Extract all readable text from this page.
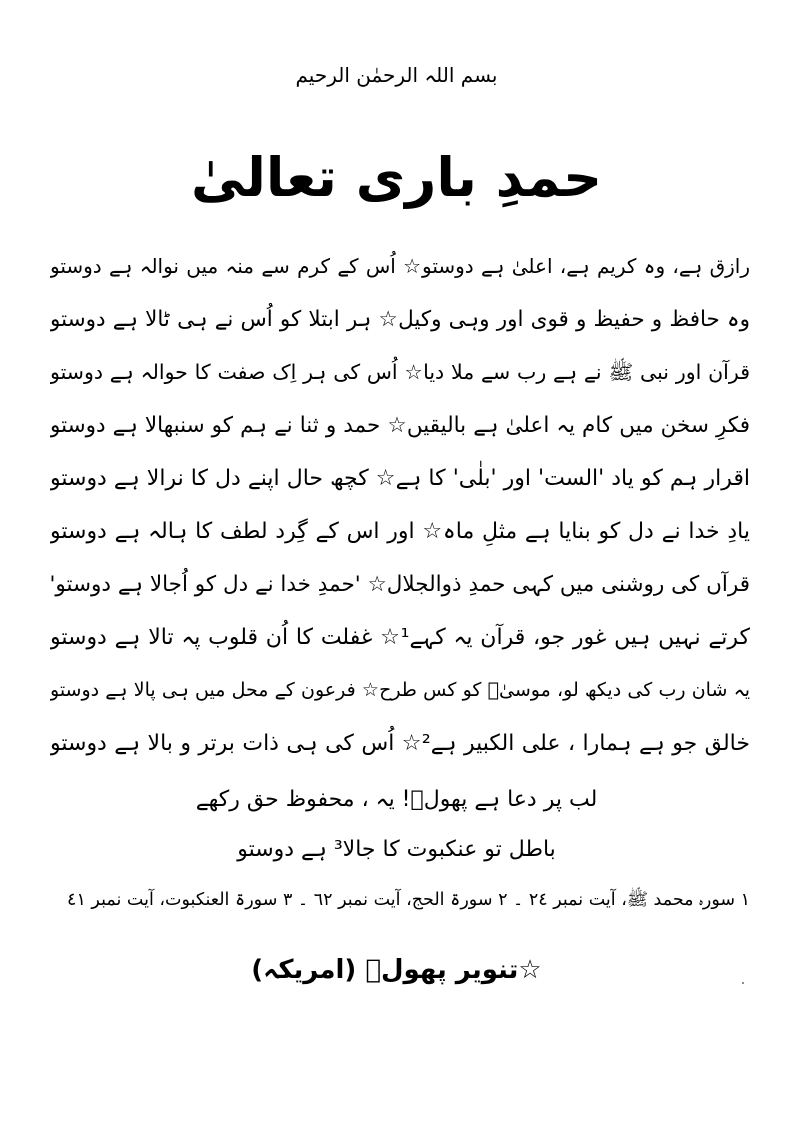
بسم اللہ الرحمٰن الرحیم
حمدِ باری تعالیٰ
رازق ہے، وہ کریم ہے، اعلیٰ ہے دوستو☆ اُس کے کرم سے منہ میں نوالہ ہے دوستو
وہ حافظ و حفیظ و قوی اور وہی وکیل☆ ہر ابتلا کو اُس نے ہی ٹالا ہے دوستو
قرآن اور نبی ﷺ نے ہے رب سے ملا دیا☆ اُس کی ہر اِک صفت کا حوالہ ہے دوستو
فکرِ سخن میں کام یہ اعلیٰ ہے بالیقیں☆ حمد و ثنا نے ہم کو سنبھالا ہے دوستو
اقرار ہم کو یاد 'الست' اور 'بلٰی' کا ہے☆ کچھ حال اپنے دل کا نرالا ہے دوستو
یادِ خدا نے دل کو بنایا ہے مثلِ ماہ☆ اور اس کے گِرد لطف کا ہالہ ہے دوستو
قرآں کی روشنی میں کہی حمدِ ذوالجلال☆ 'حمدِ خدا نے دل کو اُجالا ہے دوستو'
کرتے نہیں ہیں غور جو، قرآن یہ کہے¹☆ غفلت کا اُن قلوب پہ تالا ہے دوستو
یہ شان رب کی دیکھ لو، موسیٰؑ کو کس طرح☆ فرعون کے محل میں ہی پالا ہے دوستو
خالق جو ہے ہمارا ، علی الکبیر ہے²☆ اُس کی ہی ذات برتر و بالا ہے دوستو
لب پر دعا ہے پھولؔ! یہ ، محفوظ حق رکھے
باطل تو عنکبوت کا جالا³ ہے دوستو
١ سورہ محمد ﷺ، آیت نمبر ٢٤ ۔ ٢ سورۃ الحج، آیت نمبر ٦٢ ۔ ٣ سورۃ العنکبوت، آیت نمبر ٤١
☆تنویر پھولؔ (امریکہ)
